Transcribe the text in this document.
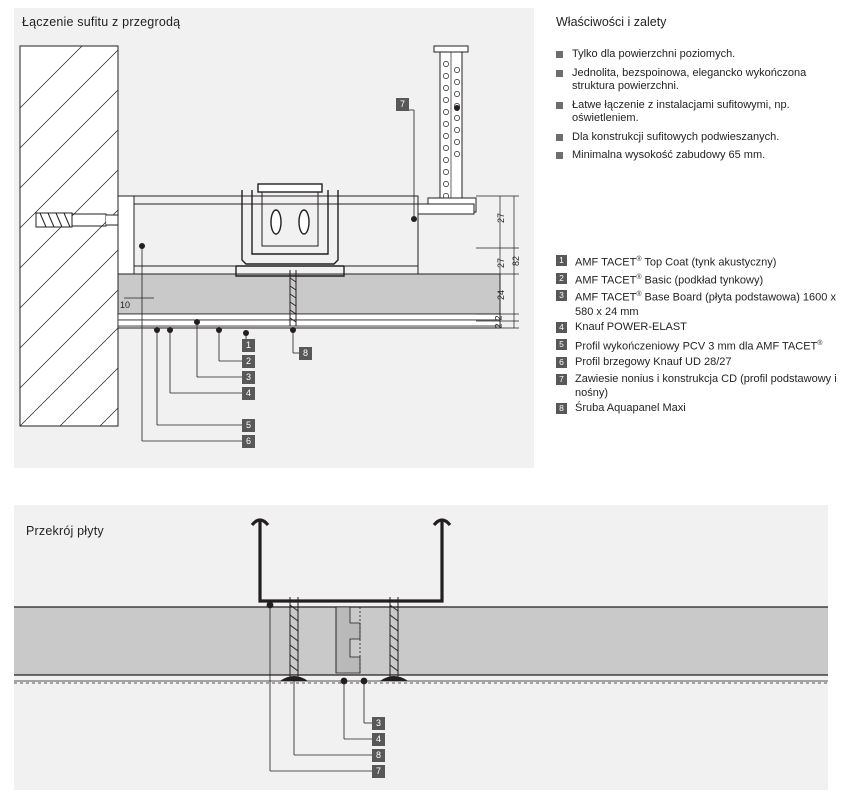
7
1
2
3
4
5
6
8
27
27
24
2
2
82
10
Łączenie sufitu z przegrodą	Właściwości i zalety
Tylko dla powierzchni poziomych.
Jednolita, bezspoinowa, elegancko wykończona struktura powierzchni.
Łatwe łączenie z instalacjami sufitowymi, np. oświetleniem.
Dla konstrukcji sufitowych podwieszanych.
Minimalna wysokość zabudowy 65 mm.
1 AMF TACET® Top Coat (tynk akustyczny)
2 AMF TACET® Basic (podkład tynkowy)
3 AMF TACET® Base Board (płyta podstawowa) 1600 x 580 x 24 mm
4 Knauf POWER-ELAST
5 Profil wykończeniowy PCV 3 mm dla AMF TACET®
6 Profil brzegowy Knauf UD 28/27
7 Zawiesie nonius i konstrukcja CD (profil podstawowy i nośny)
8 Śruba Aquapanel Maxi
3
4
8
7
Przekrój płyty
